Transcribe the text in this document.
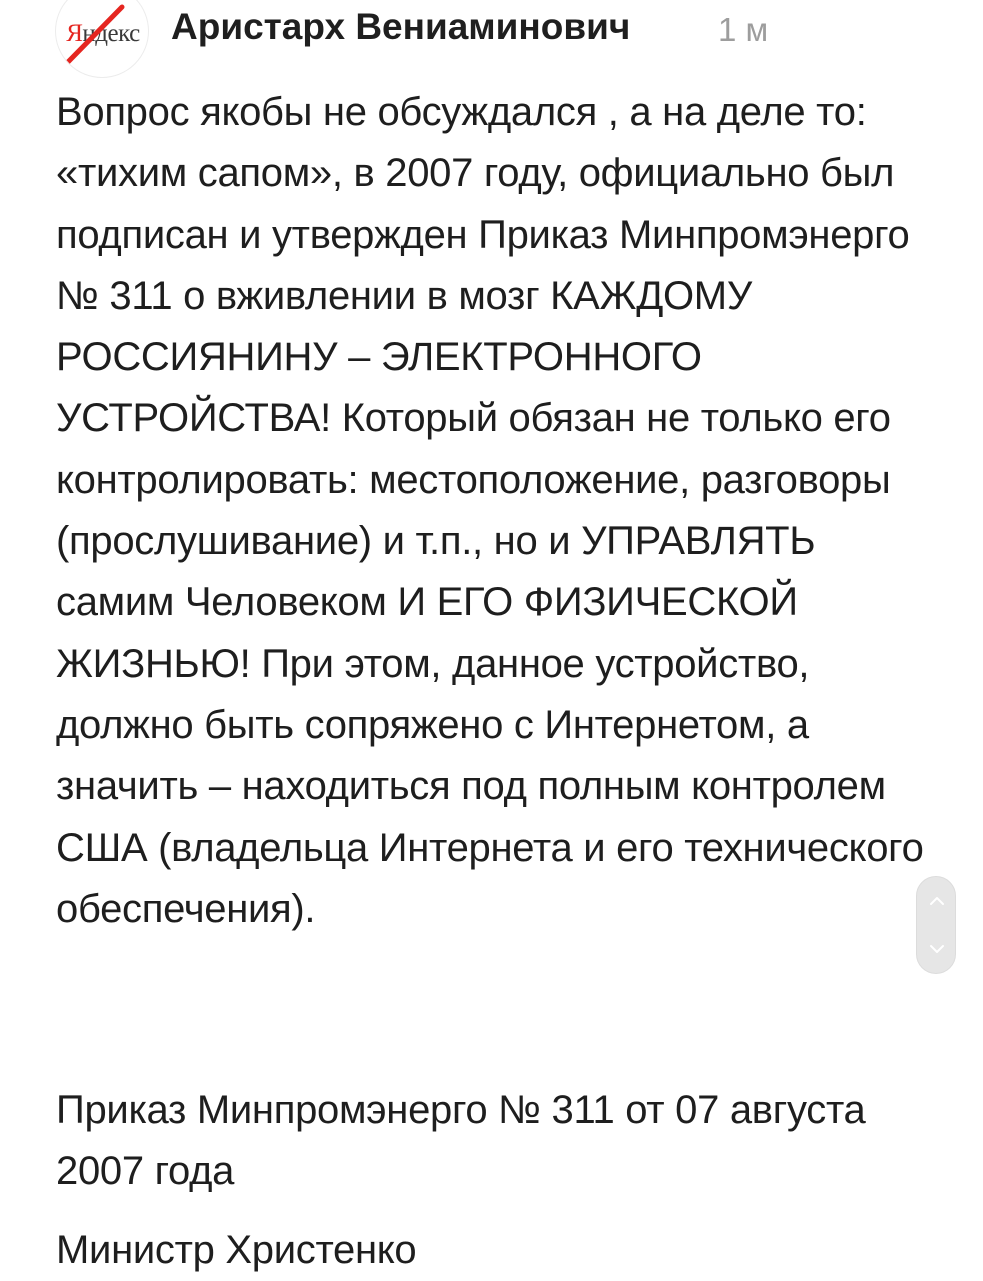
Яндекс Аристарх Вениаминович	1 м

Вопрос якобы не обсуждался , а на деле то: «тихим сапом», в 2007 году, официально был подписан и утвержден Приказ Минпромэнерго № 311 о вживлении в мозг КАЖДОМУ РОССИЯНИНУ – ЭЛЕКТРОННОГО УСТРОЙСТВА! Который обязан не только его контролировать: местоположение, разговоры (прослушивание) и т.п., но и УПРАВЛЯТЬ самим Человеком И ЕГО ФИЗИЧЕСКОЙ ЖИЗНЬЮ! При этом, данное устройство, должно быть сопряжено с Интернетом, а значить – находиться под полным контролем США (владельца Интернета и его технического обеспечения).

Приказ Минпромэнерго № 311 от 07 августа 2007 года

Министр Христенко
